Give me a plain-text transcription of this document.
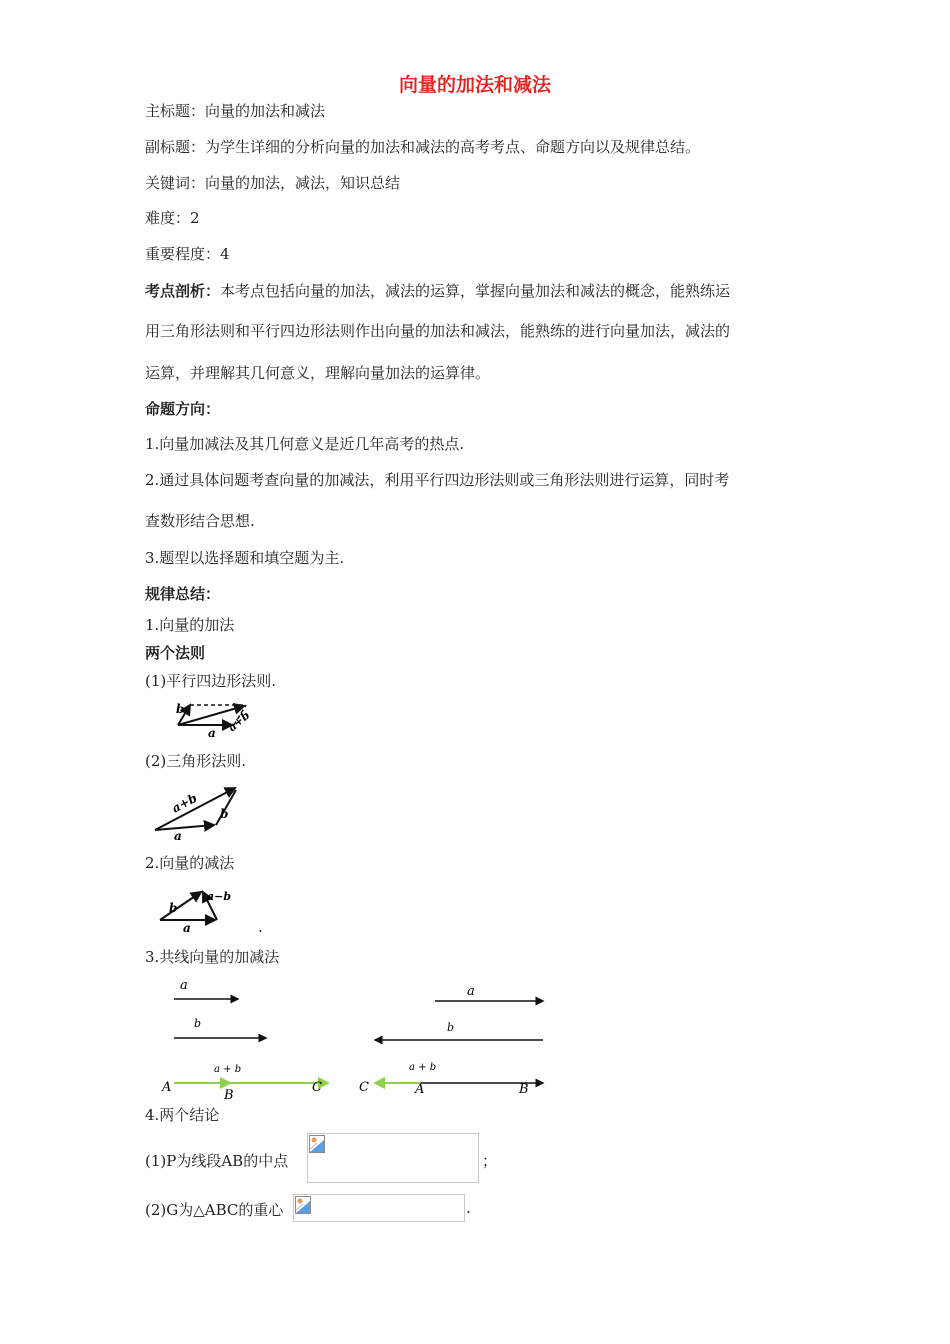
向量的加法和减法
主标题：向量的加法和减法
副标题：为学生详细的分析向量的加法和减法的高考考点、命题方向以及规律总结。
关键词：向量的加法，减法，知识总结
难度：2
重要程度：4
考点剖析：本考点包括向量的加法，减法的运算，掌握向量加法和减法的概念，能熟练运
用三角形法则和平行四边形法则作出向量的加法和减法，能熟练的进行向量加法，减法的
运算，并理解其几何意义，理解向量加法的运算律。
命题方向：
1.向量加减法及其几何意义是近几年高考的热点.
2.通过具体问题考查向量的加减法，利用平行四边形法则或三角形法则进行运算，同时考
查数形结合思想.
3.题型以选择题和填空题为主.
规律总结：
1.向量的加法
两个法则
(1)平行四边形法则.
b
a a+b
(2)三角形法则.
a+b b
a
2.向量的减法
b
a
a−b
.
3.共线向量的加减法
a
b
a + b
A
B
C
a
b
a + b
C	A	B
4.两个结论
(1)P为线段AB的中点	；
(2)G为△ABC的重心	.
